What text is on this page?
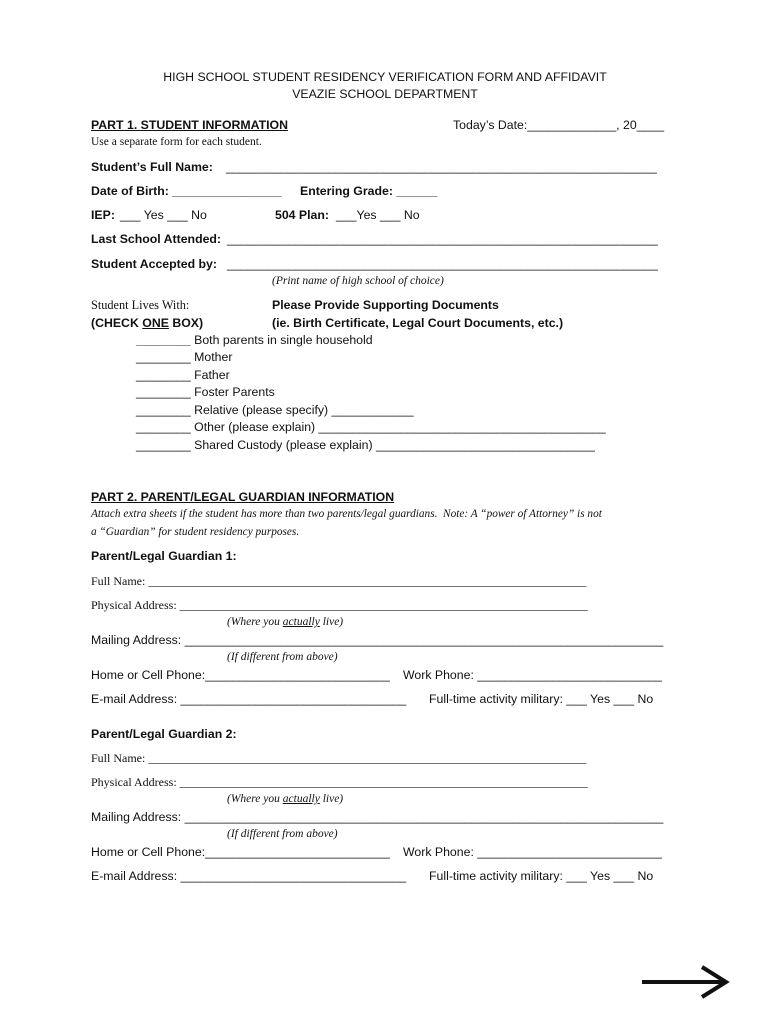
HIGH SCHOOL STUDENT RESIDENCY VERIFICATION FORM AND AFFIDAVIT
VEAZIE SCHOOL DEPARTMENT
PART 1. STUDENT INFORMATION	Today’s Date:_____________, 20____
Use a separate form for each student.
Student’s Full Name: _______________________________________________________________
Date of Birth: ________________ Entering Grade: ______
IEP: ___ Yes ___ No	504 Plan: ___Yes ___ No
Last School Attended: _______________________________________________________________
Student Accepted by: _______________________________________________________________
(Print name of high school of choice)
Student Lives With:
(CHECK ONE BOX)
Please Provide Supporting Documents
(ie. Birth Certificate, Legal Court Documents, etc.)
________ Both parents in single household
________ Mother
________ Father
________ Foster Parents
________ Relative (please specify) ____________
________ Other (please explain) __________________________________________
________ Shared Custody (please explain) ________________________________
PART 2. PARENT/LEGAL GUARDIAN INFORMATION
Attach extra sheets if the student has more than two parents/legal guardians.  Note: A “power of Attorney” is not
a “Guardian” for student residency purposes.
Parent/Legal Guardian 1:
Full Name: _________________________________________________________________________
Physical Address: ____________________________________________________________________
(Where you actually live)
Mailing Address: ______________________________________________________________________
(If different from above)
Home or Cell Phone:___________________________ Work Phone: ___________________________
E-mail Address: _________________________________ Full-time activity military: ___ Yes ___ No
Parent/Legal Guardian 2:
Full Name: _________________________________________________________________________
Physical Address: ____________________________________________________________________
(Where you actually live)
Mailing Address: ______________________________________________________________________
(If different from above)
Home or Cell Phone:___________________________ Work Phone: ___________________________
E-mail Address: _________________________________ Full-time activity military: ___ Yes ___ No
